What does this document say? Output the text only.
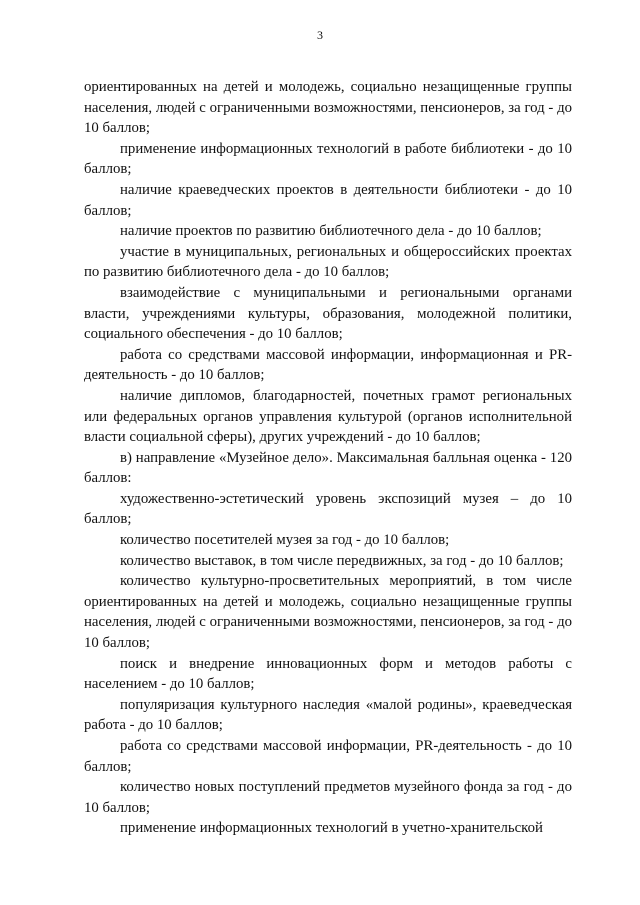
3

ориентированных на детей и молодежь, социально незащищенные группы населения, людей с ограниченными возможностями, пенсионеров, за год - до 10 баллов;

применение информационных технологий в работе библиотеки - до 10 баллов;

наличие краеведческих проектов в деятельности библиотеки - до 10 баллов;

наличие проектов по развитию библиотечного дела - до 10 баллов;

участие в муниципальных, региональных и общероссийских проектах по развитию библиотечного дела - до 10 баллов;

взаимодействие с муниципальными и региональными органами власти, учреждениями культуры, образования, молодежной политики, социального обеспечения - до 10 баллов;

работа со средствами массовой информации, информационная и PR-деятельность - до 10 баллов;

наличие дипломов, благодарностей, почетных грамот региональных или федеральных органов управления культурой (органов исполнительной власти социальной сферы), других учреждений - до 10 баллов;

в) направление «Музейное дело». Максимальная балльная оценка - 120 баллов:

художественно-эстетический уровень экспозиций музея – до 10 баллов;

количество посетителей музея за год - до 10 баллов;

количество выставок, в том числе передвижных, за год - до 10 баллов;

количество культурно-просветительных мероприятий, в том числе ориентированных на детей и молодежь, социально незащищенные группы населения, людей с ограниченными возможностями, пенсионеров, за год - до 10 баллов;

поиск и внедрение инновационных форм и методов работы с населением - до 10 баллов;

популяризация культурного наследия «малой родины», краеведческая работа - до 10 баллов;

работа со средствами массовой информации, PR-деятельность - до 10 баллов;

количество новых поступлений предметов музейного фонда за год - до 10 баллов;

применение информационных технологий в учетно-хранительской
